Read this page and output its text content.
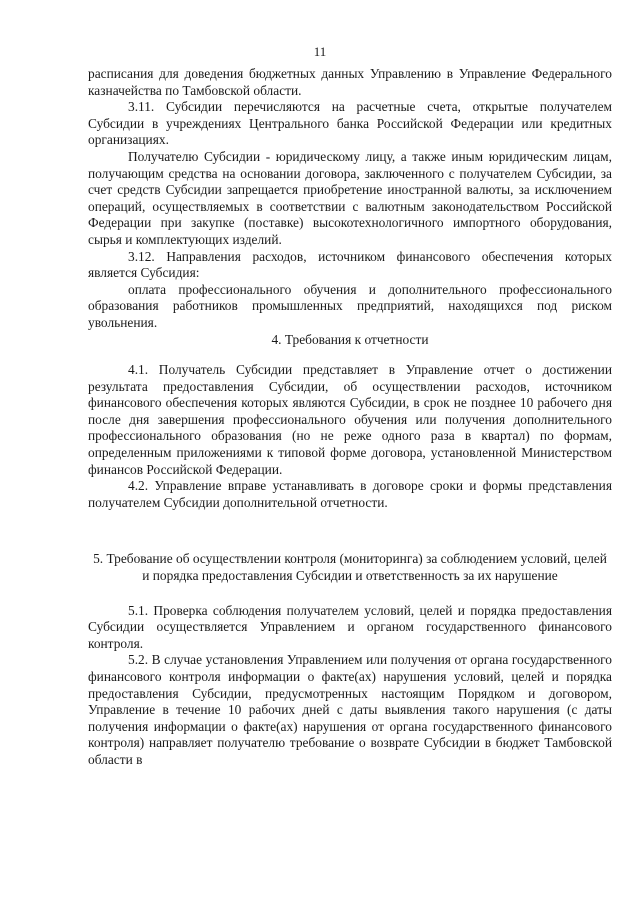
11

расписания для доведения бюджетных данных Управлению в Управление Федерального казначейства по Тамбовской области.

3.11. Субсидии перечисляются на расчетные счета, открытые получателем Субсидии в учреждениях Центрального банка Российской Федерации или кредитных организациях.

Получателю Субсидии - юридическому лицу, а также иным юридическим лицам, получающим средства на основании договора, заключенного с получателем Субсидии, за счет средств Субсидии запрещается приобретение иностранной валюты, за исключением операций, осуществляемых в соответствии с валютным законодательством Российской Федерации при закупке (поставке) высокотехнологичного импортного оборудования, сырья и комплектующих изделий.

3.12. Направления расходов, источником финансового обеспечения которых является Субсидия:

оплата профессионального обучения и дополнительного профессионального образования работников промышленных предприятий, находящихся под риском увольнения.

4. Требования к отчетности

4.1. Получатель Субсидии представляет в Управление отчет о достижении результата предоставления Субсидии, об осуществлении расходов, источником финансового обеспечения которых являются Субсидии, в срок не позднее 10 рабочего дня после дня завершения профессионального обучения или получения дополнительного профессионального образования (но не реже одного раза в квартал) по формам, определенным приложениями к типовой форме договора, установленной Министерством финансов Российской Федерации.

4.2. Управление вправе устанавливать в договоре сроки и формы представления получателем Субсидии дополнительной отчетности.

5. Требование об осуществлении контроля (мониторинга) за соблюдением условий, целей и порядка предоставления Субсидии и ответственность за их нарушение

5.1. Проверка соблюдения получателем условий, целей и порядка предоставления Субсидии осуществляется Управлением и органом государственного финансового контроля.

5.2. В случае установления Управлением или получения от органа государственного финансового контроля информации о факте(ах) нарушения условий, целей и порядка предоставления Субсидии, предусмотренных настоящим Порядком и договором, Управление в течение 10 рабочих дней с даты выявления такого нарушения (с даты получения информации о факте(ах) нарушения от органа государственного финансового контроля) направляет получателю требование о возврате Субсидии в бюджет Тамбовской области в
